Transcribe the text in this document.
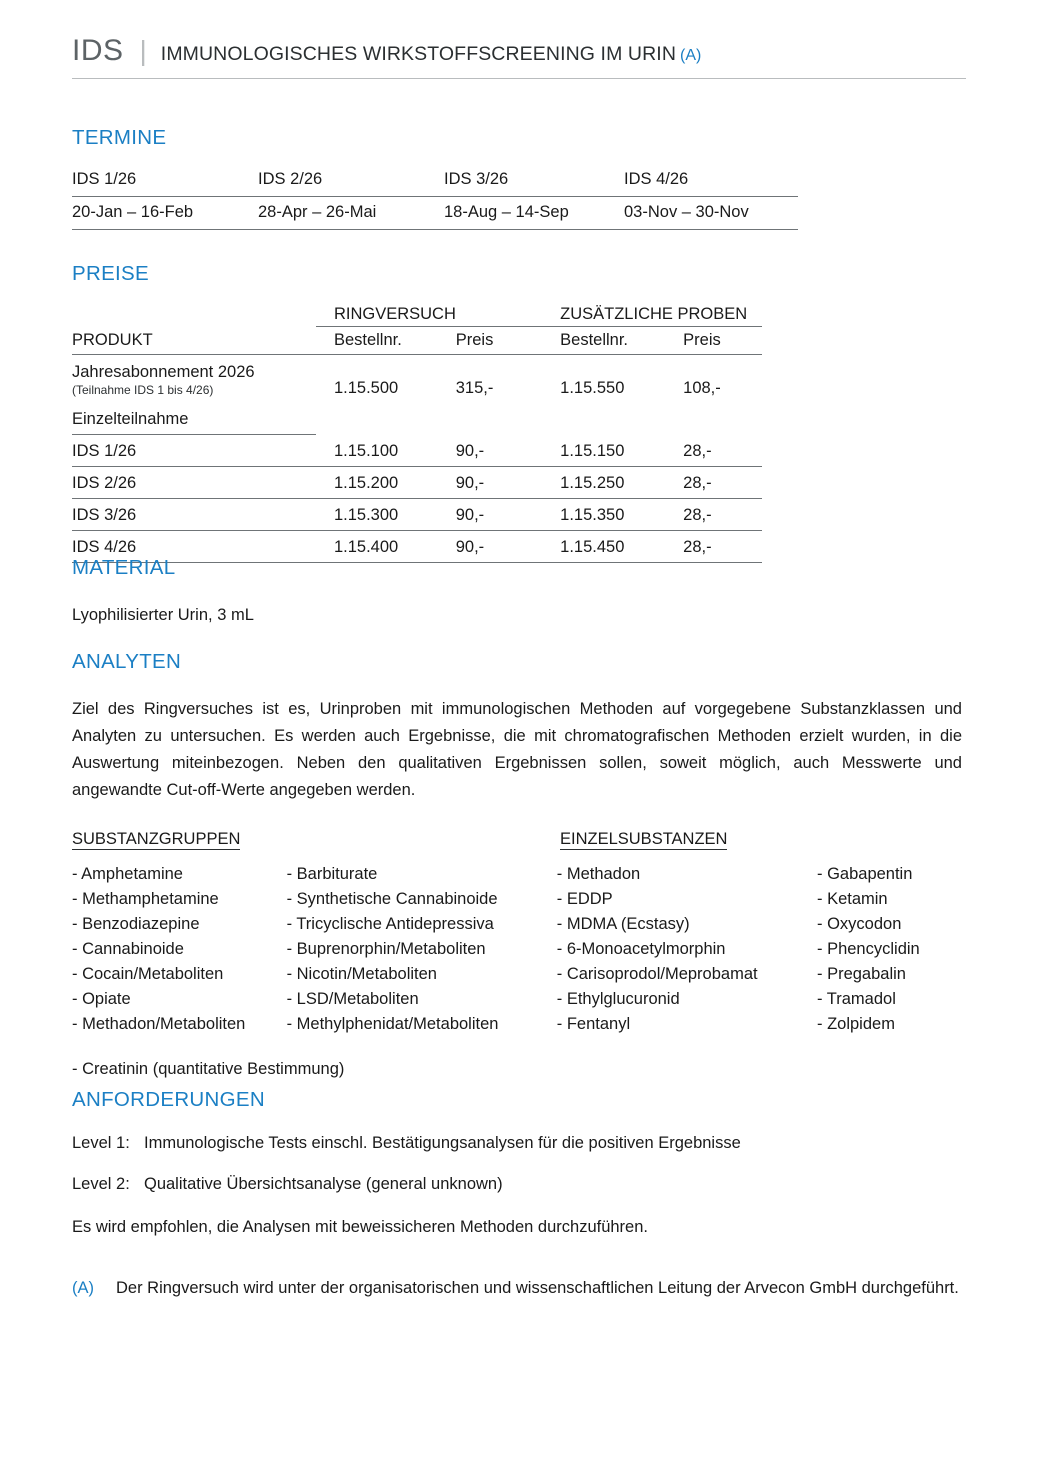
IDS | IMMUNOLOGISCHES WIRKSTOFFSCREENING IM URIN (A)
TERMINE
IDS 1/26	IDS 2/26	IDS 3/26	IDS 4/26
20-Jan – 16-Feb	28-Apr – 26-Mai	18-Aug – 14-Sep	03-Nov – 30-Nov
PREISE
	RINGVERSUCH		ZUSÄTZLICHE PROBEN	
PRODUKT	Bestellnr.	Preis	Bestellnr.	Preis
Jahresabonnement 2026
(Teilnahme IDS 1 bis 4/26)	1.15.500	315,-	1.15.550	108,-
Einzelteilnahme				
IDS 1/26	1.15.100	90,-	1.15.150	28,-
IDS 2/26	1.15.200	90,-	1.15.250	28,-
IDS 3/26	1.15.300	90,-	1.15.350	28,-
IDS 4/26	1.15.400	90,-	1.15.450	28,-
MATERIAL
Lyophilisierter Urin, 3 mL
ANALYTEN
Ziel des Ringversuches ist es, Urinproben mit immunologischen Methoden auf vorgegebene Substanzklassen und Analyten zu untersuchen. Es werden auch Ergebnisse, die mit chromatografischen Methoden erzielt wurden, in die Auswertung miteinbezogen. Neben den qualitativen Ergebnissen sollen, soweit möglich, auch Messwerte und angewandte Cut-off-Werte angegeben werden.
SUBSTANZGRUPPEN	EINZELSUBSTANZEN
- Amphetamine
- Methamphetamine
- Benzodiazepine
- Cannabinoide
- Cocain/Metaboliten
- Opiate
- Methadon/Metaboliten
- Barbiturate
- Synthetische Cannabinoide
- Tricyclische Antidepressiva
- Buprenorphin/Metaboliten
- Nicotin/Metaboliten
- LSD/Metaboliten
- Methylphenidat/Metaboliten
- Methadon
- EDDP
- MDMA (Ecstasy)
- 6-Monoacetylmorphin
- Carisoprodol/Meprobamat
- Ethylglucuronid
- Fentanyl
- Gabapentin
- Ketamin
- Oxycodon
- Phencyclidin
- Pregabalin
- Tramadol
- Zolpidem
- Creatinin (quantitative Bestimmung)
ANFORDERUNGEN
Level 1: Immunologische Tests einschl. Bestätigungsanalysen für die positiven Ergebnisse
Level 2: Qualitative Übersichtsanalyse (general unknown)
Es wird empfohlen, die Analysen mit beweissicheren Methoden durchzuführen.
(A)	Der Ringversuch wird unter der organisatorischen und wissenschaftlichen Leitung der Arvecon GmbH durchgeführt.
